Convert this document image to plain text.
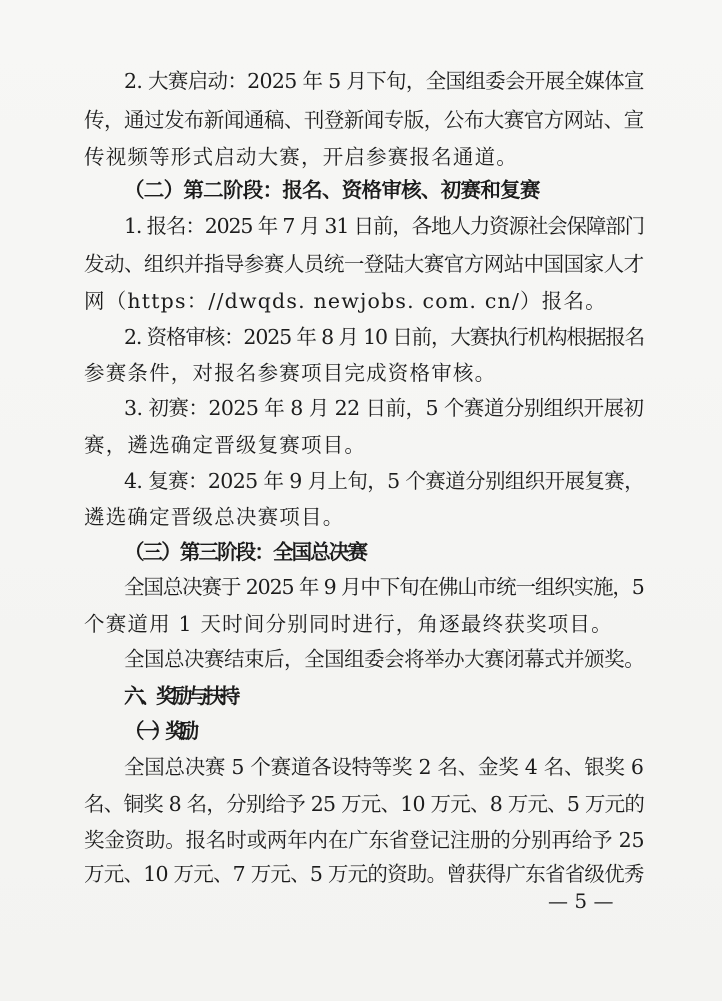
2. 大赛启动：2025 年 5 月下旬，全国组委会开展全媒体宣
传，通过发布新闻通稿、刊登新闻专版，公布大赛官方网站、宣
传视频等形式启动大赛，开启参赛报名通道。
（二）第二阶段：报名、资格审核、初赛和复赛
1. 报名：2025 年 7 月 31 日前，各地人力资源社会保障部门
发动、组织并指导参赛人员统一登陆大赛官方网站中国国家人才
网（https：//dwqds. newjobs. com. cn/）报名。
2. 资格审核：2025 年 8 月 10 日前，大赛执行机构根据报名
参赛条件，对报名参赛项目完成资格审核。
3. 初赛：2025 年 8 月 22 日前，5 个赛道分别组织开展初
赛，遴选确定晋级复赛项目。
4. 复赛：2025 年 9 月上旬，5 个赛道分别组织开展复赛，
遴选确定晋级总决赛项目。
（三）第三阶段：全国总决赛
全国总决赛于 2025 年 9 月中下旬在佛山市统一组织实施，5
个赛道用 1 天时间分别同时进行，角逐最终获奖项目。
全国总决赛结束后，全国组委会将举办大赛闭幕式并颁奖。
六、奖励与扶持
（一）奖励
全国总决赛 5 个赛道各设特等奖 2 名、金奖 4 名、银奖 6
名、铜奖 8 名，分别给予 25 万元、10 万元、8 万元、5 万元的
奖金资助。报名时或两年内在广东省登记注册的分别再给予 25
万元、10 万元、7 万元、5 万元的资助。曾获得广东省省级优秀
— 5 —
